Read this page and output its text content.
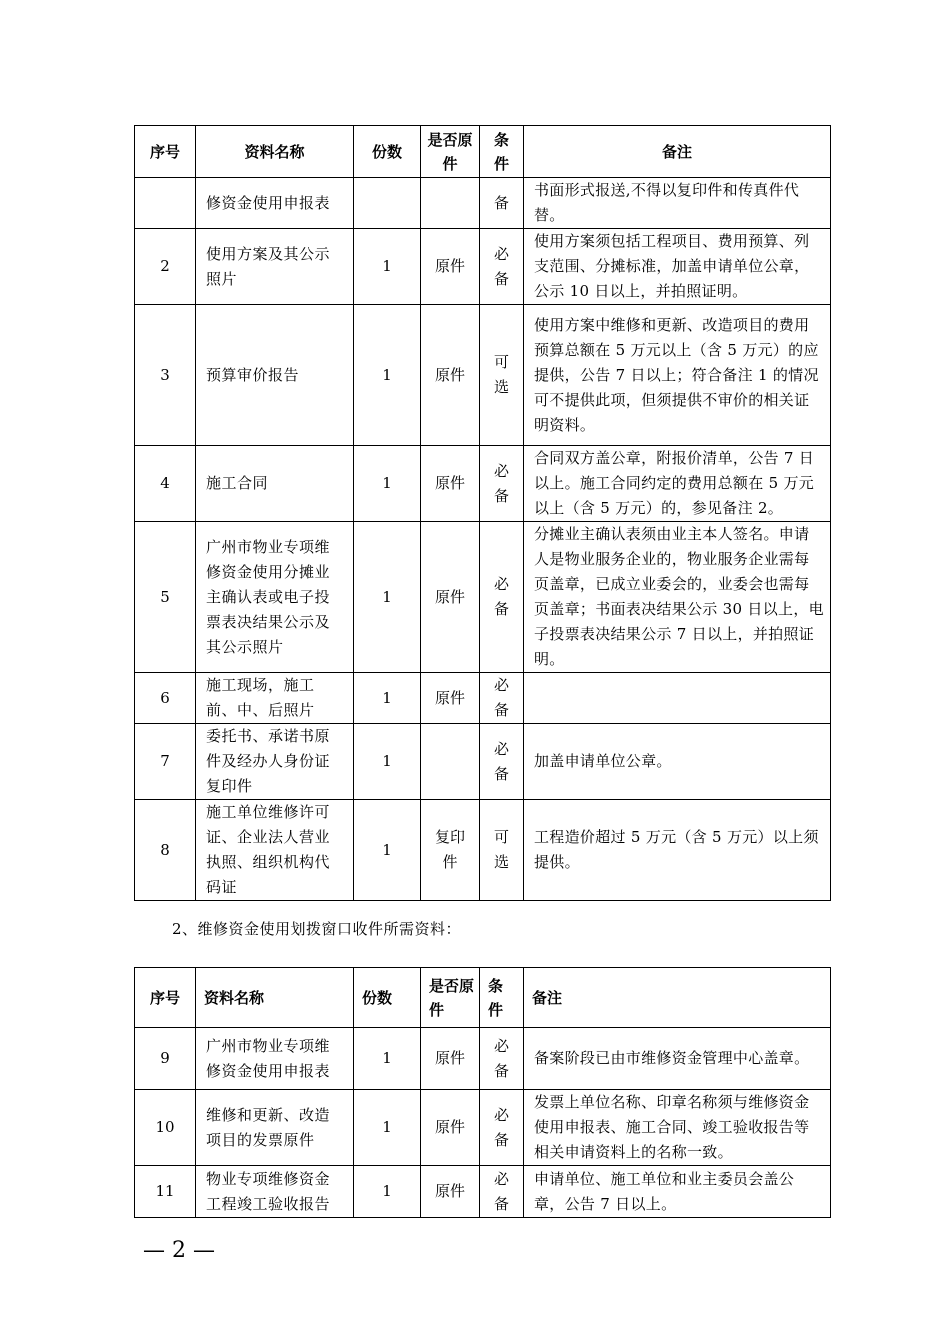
序号	资料名称	份数	是否原件	条件	备注
	修资金使用申报表			备	书面形式报送,不得以复印件和传真件代替。
2	使用方案及其公示照片	1	原件	必备	使用方案须包括工程项目、费用预算、列支范围、分摊标准，加盖申请单位公章，公示 10 日以上，并拍照证明。
3	预算审价报告	1	原件	可选	使用方案中维修和更新、改造项目的费用预算总额在 5 万元以上（含 5 万元）的应提供，公告 7 日以上；符合备注 1 的情况可不提供此项，但须提供不审价的相关证明资料。
4	施工合同	1	原件	必备	合同双方盖公章，附报价清单，公告 7 日以上。施工合同约定的费用总额在 5 万元以上（含 5 万元）的，参见备注 2。
5	广州市物业专项维修资金使用分摊业主确认表或电子投票表决结果公示及其公示照片	1	原件	必备	分摊业主确认表须由业主本人签名。申请人是物业服务企业的，物业服务企业需每页盖章，已成立业委会的，业委会也需每页盖章；书面表决结果公示 30 日以上，电子投票表决结果公示 7 日以上，并拍照证明。
6	施工现场，施工前、中、后照片	1	原件	必备	
7	委托书、承诺书原件及经办人身份证复印件	1		必备	加盖申请单位公章。
8	施工单位维修许可证、企业法人营业执照、组织机构代码证	1	复印件	可选	工程造价超过 5 万元（含 5 万元）以上须提供。
2、维修资金使用划拨窗口收件所需资料：
序号	资料名称	份数	是否原件	条件	备注
9	广州市物业专项维修资金使用申报表	1	原件	必备	备案阶段已由市维修资金管理中心盖章。
10	维修和更新、改造项目的发票原件	1	原件	必备	发票上单位名称、印章名称须与维修资金使用申报表、施工合同、竣工验收报告等相关申请资料上的名称一致。
11	物业专项维修资金工程竣工验收报告	1	原件	必备	申请单位、施工单位和业主委员会盖公章，公告 7 日以上。
— 2 —
